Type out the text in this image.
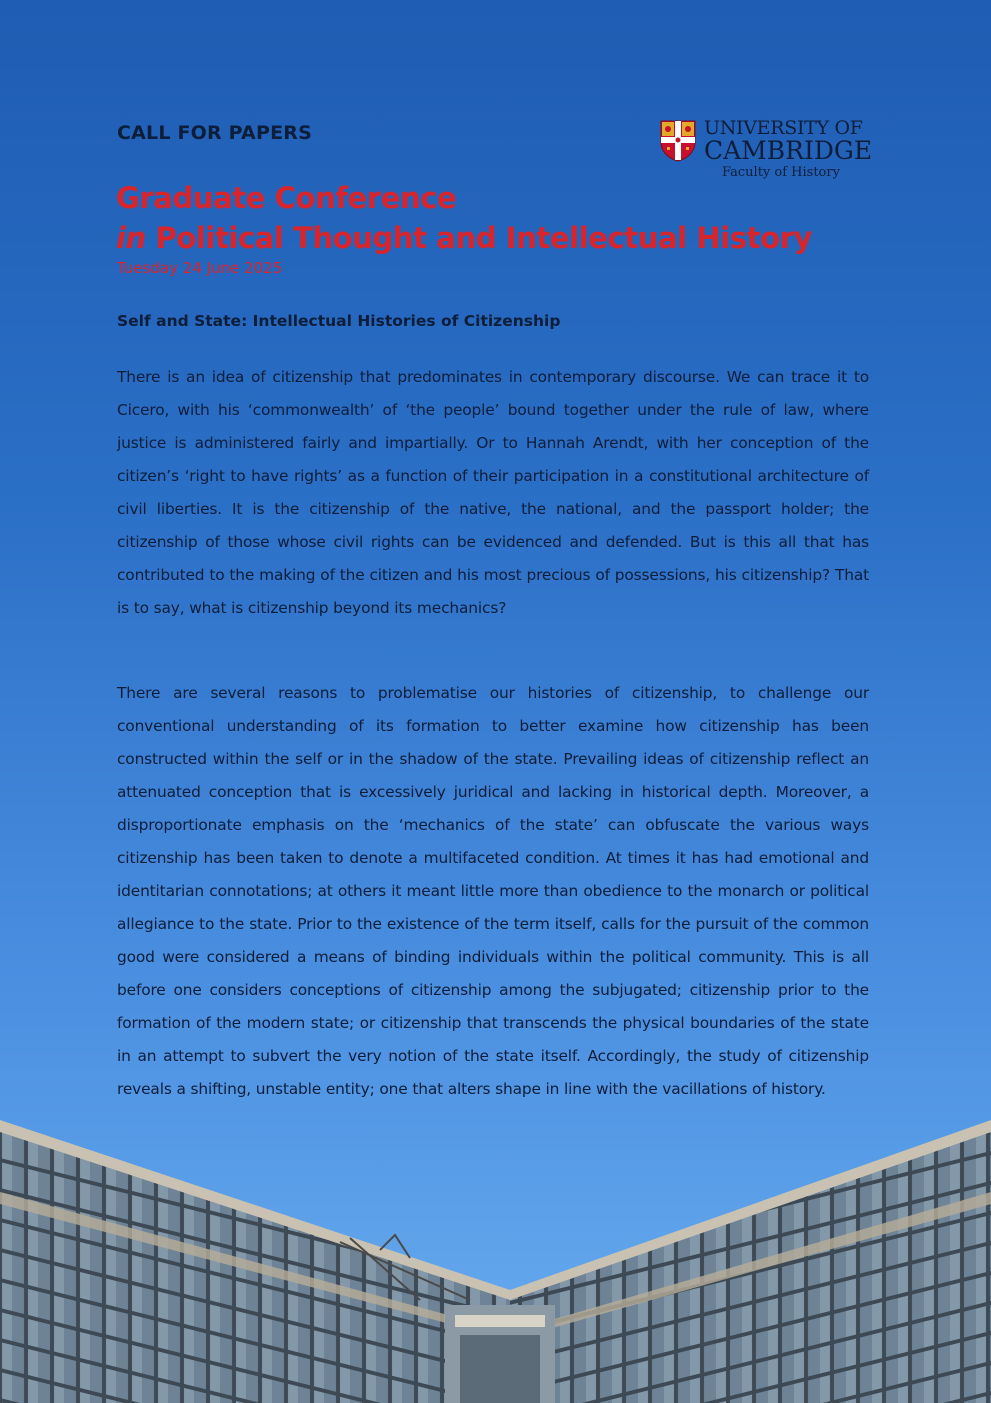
CALL FOR PAPERS	UNIVERSITY OF
CAMBRIDGE
Faculty of History
Graduate Conference
in Political Thought and Intellectual History
Tuesday 24 June 2025
Self and State: Intellectual Histories of Citizenship
There is an idea of citizenship that predominates in contemporary discourse. We can trace it to Cicero, with his ‘commonwealth’ of ‘the people’ bound together under the rule of law, where justice is administered fairly and impartially. Or to Hannah Arendt, with her conception of the citizen’s ‘right to have rights’ as a function of their participation in a constitutional architecture of civil liberties. It is the citizenship of the native, the national, and the passport holder; the citizenship of those whose civil rights can be evidenced and defended. But is this all that has contributed to the making of the citizen and his most precious of possessions, his citizenship? That is to say, what is citizenship beyond its mechanics?
There are several reasons to problematise our histories of citizenship, to challenge our conventional understanding of its formation to better examine how citizenship has been constructed within the self or in the shadow of the state. Prevailing ideas of citizenship reflect an attenuated conception that is excessively juridical and lacking in historical depth. Moreover, a disproportionate emphasis on the ‘mechanics of the state’ can obfuscate the various ways citizenship has been taken to denote a multifaceted condition. At times it has had emotional and identitarian connotations; at others it meant little more than obedience to the monarch or political allegiance to the state. Prior to the existence of the term itself, calls for the pursuit of the common good were considered a means of binding individuals within the political community. This is all before one considers conceptions of citizenship among the subjugated; citizenship prior to the formation of the modern state; or citizenship that transcends the physical boundaries of the state in an attempt to subvert the very notion of the state itself. Accordingly, the study of citizenship reveals a shifting, unstable entity; one that alters shape in line with the vacillations of history.
